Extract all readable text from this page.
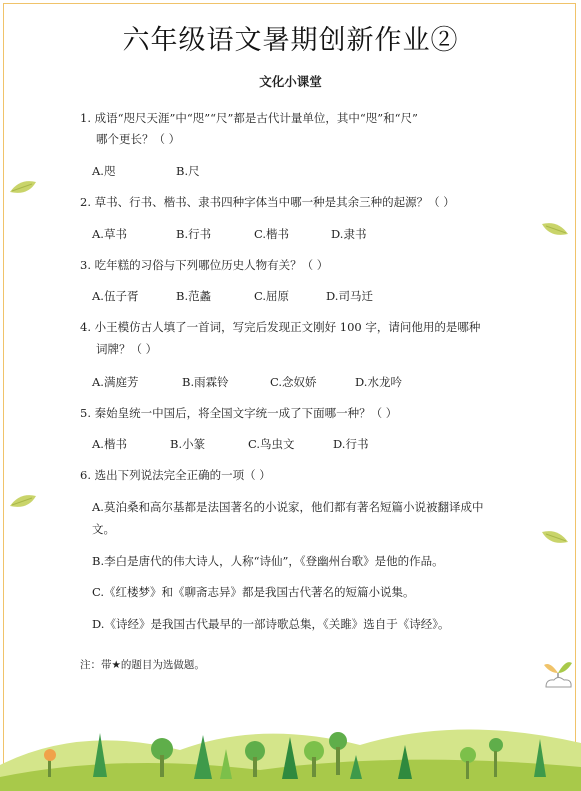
六年级语文暑期创新作业②
文化小课堂
1. 成语“咫尺天涯”中“咫”“尺”都是古代计量单位，其中“咫”和“尺”
哪个更长？（ ）
A.咫	B.尺
2. 草书、行书、楷书、隶书四种字体当中哪一种是其余三种的起源？（ ）
A.草书	B.行书	C.楷书	D.隶书
3. 吃年糕的习俗与下列哪位历史人物有关？（ ）
A.伍子胥	B.范蠡	C.屈原	D.司马迁
4. 小王模仿古人填了一首词，写完后发现正文刚好 100 字，请问他用的是哪种
词牌？（ ）
A.满庭芳	B.雨霖铃	C.念奴娇	D.水龙吟
5. 秦始皇统一中国后，将全国文字统一成了下面哪一种？（ ）
A.楷书	B.小篆	C.鸟虫文	D.行书
6. 选出下列说法完全正确的一项（ ）
A.莫泊桑和高尔基都是法国著名的小说家，他们都有著名短篇小说被翻译成中文。
B.李白是唐代的伟大诗人，人称“诗仙”，《登幽州台歌》是他的作品。
C.《红楼梦》和《聊斋志异》都是我国古代著名的短篇小说集。
D.《诗经》是我国古代最早的一部诗歌总集，《关雎》选自于《诗经》。
注：带★的题目为选做题。
